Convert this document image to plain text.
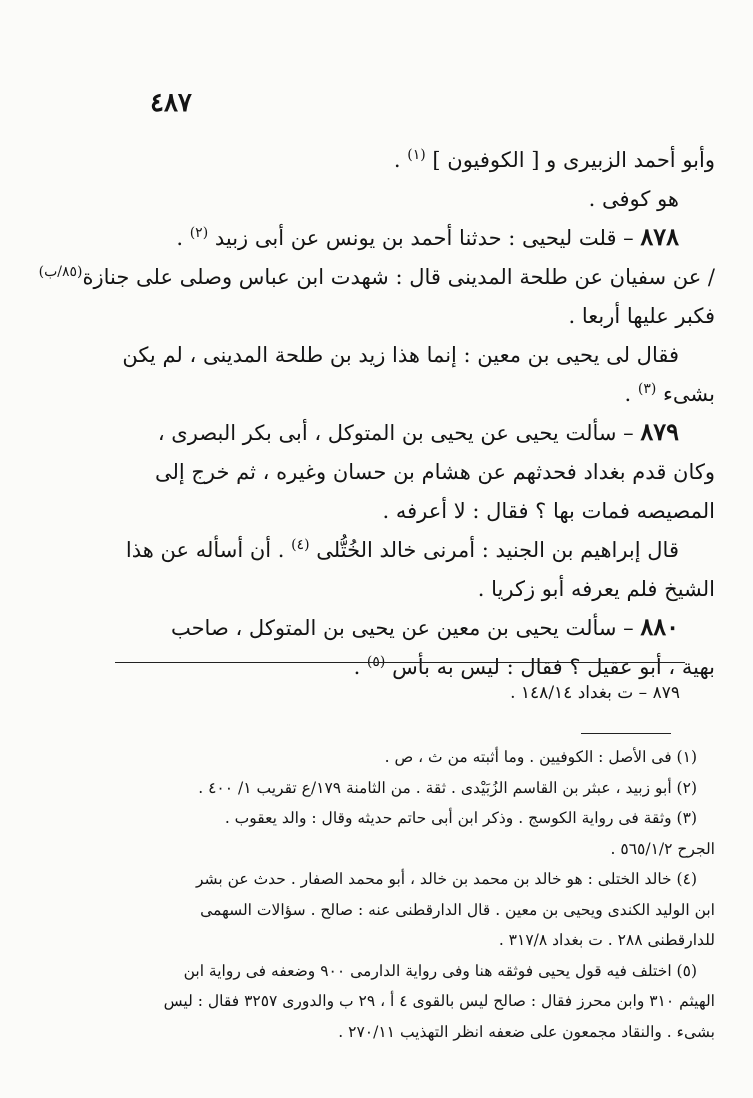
٤٨٧
وأبو أحمد الزبيرى و [ الكوفيون ] $^{(١)}$ .
هو كوفى .
٨٧٨ – قلت ليحيى : حدثنا أحمد بن يونس عن أبى زبيد $^{(٢)}$ .
/ عن سفيان عن طلحة المدينى قال : شهدت ابن عباس وصلى على جنازة$^{(٨٥/ب)}$
فكبر عليها أربعا .
فقال لى يحيى بن معين : إنما هذا زيد بن طلحة المدينى ، لم يكن
بشىء $^{(٣)}$ .
٨٧٩ – سألت يحيى عن يحيى بن المتوكل ، أبى بكر البصرى ،
وكان قدم بغداد فحدثهم عن هشام بن حسان وغيره ، ثم خرج إلى
المصيصه فمات بها ؟ فقال : لا أعرفه .
قال إبراهيم بن الجنيد : أمرنى خالد الخُتُّلى $^{(٤)}$ . أن أسأله عن هذا
الشيخ فلم يعرفه أبو زكريا .
٨٨٠ – سألت يحيى بن معين عن يحيى بن المتوكل ، صاحب
بهية ، أبو عقيل ؟ فقال : ليس به بأس $^{(٥)}$ .
٨٧٩ – ت بغداد ١٤٨/١٤ .
(١) فى الأصل : الكوفيين . وما أثبته من ث ، ص .
(٢) أبو زبيد ، عبثر بن القاسم الزُبَيْدى . ثقة . من الثامنة ١٧٩/ع تقريب ١/ ٤٠٠ .
(٣) وثقة فى رواية الكوسج . وذكر ابن أبى حاتم حديثه وقال : والد يعقوب .
الجرح ٥٦٥/١/٢ .
(٤) خالد الختلى : هو خالد بن محمد بن خالد ، أبو محمد الصفار . حدث عن بشر
ابن الوليد الكندى ويحيى بن معين . قال الدارقطنى عنه : صالح . سؤالات السهمى
للدارقطنى ٢٨٨ . ت بغداد ٣١٧/٨ .
(٥) اختلف فيه قول يحيى فوثقه هنا وفى رواية الدارمى ٩٠٠ وضعفه فى رواية ابن
الهيثم ٣١٠ وابن محرز فقال : صالح ليس بالقوى ٤ أ ، ٢٩ ب والدورى ٣٢٥٧ فقال : ليس
بشىء . والنقاد مجمعون على ضعفه انظر التهذيب ٢٧٠/١١ .
